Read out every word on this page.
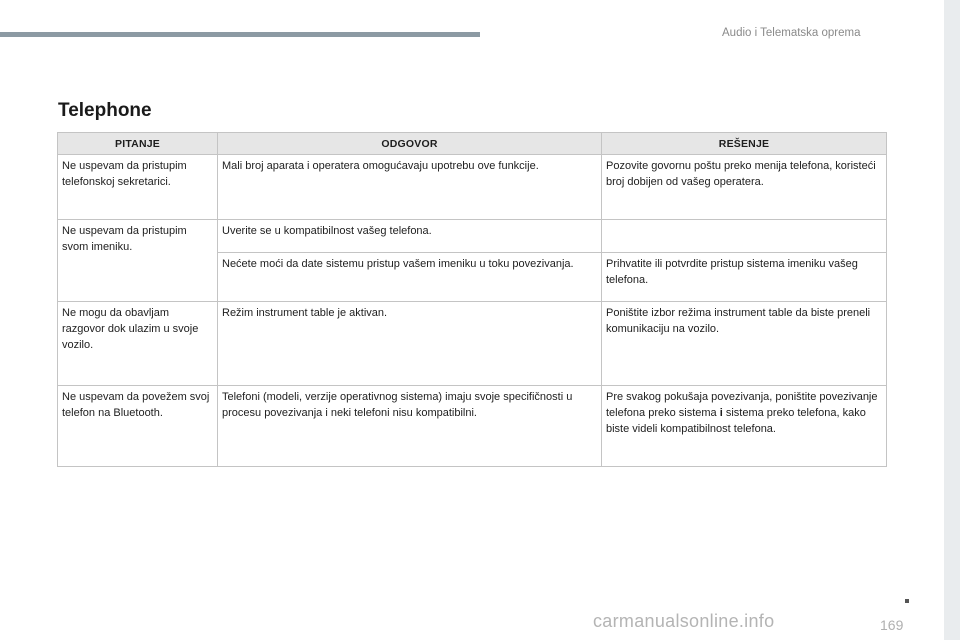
Audio i Telematska oprema
Telephone
PITANJE	ODGOVOR	REŠENJE
Ne uspevam da pristupim telefonskoj sekretarici.	Mali broj aparata i operatera omogućavaju upotrebu ove funkcije.	Pozovite govornu poštu preko menija telefona, koristeći broj dobijen od vašeg operatera.
Ne uspevam da pristupim svom imeniku.	Uverite se u kompatibilnost vašeg telefona.	
	Nećete moći da date sistemu pristup vašem imeniku u toku povezivanja.	Prihvatite ili potvrdite pristup sistema imeniku vašeg telefona.
Ne mogu da obavljam razgovor dok ulazim u svoje vozilo.	Režim instrument table je aktivan.	Poništite izbor režima instrument table da biste preneli komunikaciju na vozilo.
Ne uspevam da povežem svoj telefon na Bluetooth.	Telefoni (modeli, verzije operativnog sistema) imaju svoje specifičnosti u procesu povezivanja i neki telefoni nisu kompatibilni.	Pre svakog pokušaja povezivanja, poništite povezivanje telefona preko sistema i sistema preko telefona, kako biste videli kompatibilnost telefona.
carmanualsonline.info	169
